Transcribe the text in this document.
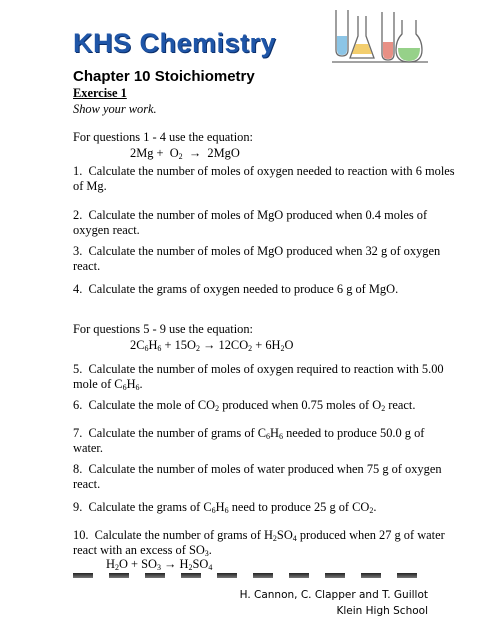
KHS Chemistry
Chapter 10 Stoichiometry
Exercise 1
Show your work.
For questions 1 - 4 use the equation:
$2Mg + O_2 \to 2MgO$
1.  Calculate the number of moles of oxygen needed to reaction with 6 moles
of Mg.
2.  Calculate the number of moles of MgO produced when 0.4 moles of
oxygen react.
3.  Calculate the number of moles of MgO produced when 32 g of oxygen
react.
4.  Calculate the grams of oxygen needed to produce 6 g of MgO.
For questions 5 - 9 use the equation:
$2C_6H_6 + 15O_2 \to 12CO_2 + 6H_2O$
5.  Calculate the number of moles of oxygen required to reaction with 5.00
mole of $C_6H_6$.
6.  Calculate the mole of $CO_2$ produced when 0.75 moles of $O_2$ react.
7.  Calculate the number of grams of $C_6H_6$ needed to produce 50.0 g of
water.
8.  Calculate the number of moles of water produced when 75 g of oxygen
react.
9.  Calculate the grams of $C_6H_6$ need to produce 25 g of $CO_2$.
10.  Calculate the number of grams of $H_2SO_4$ produced when 27 g of water
react with an excess of $SO_3$.
$H_2O + SO_3 \to H_2SO_4$
H. Cannon, C. Clapper and T. Guillot
Klein High School
